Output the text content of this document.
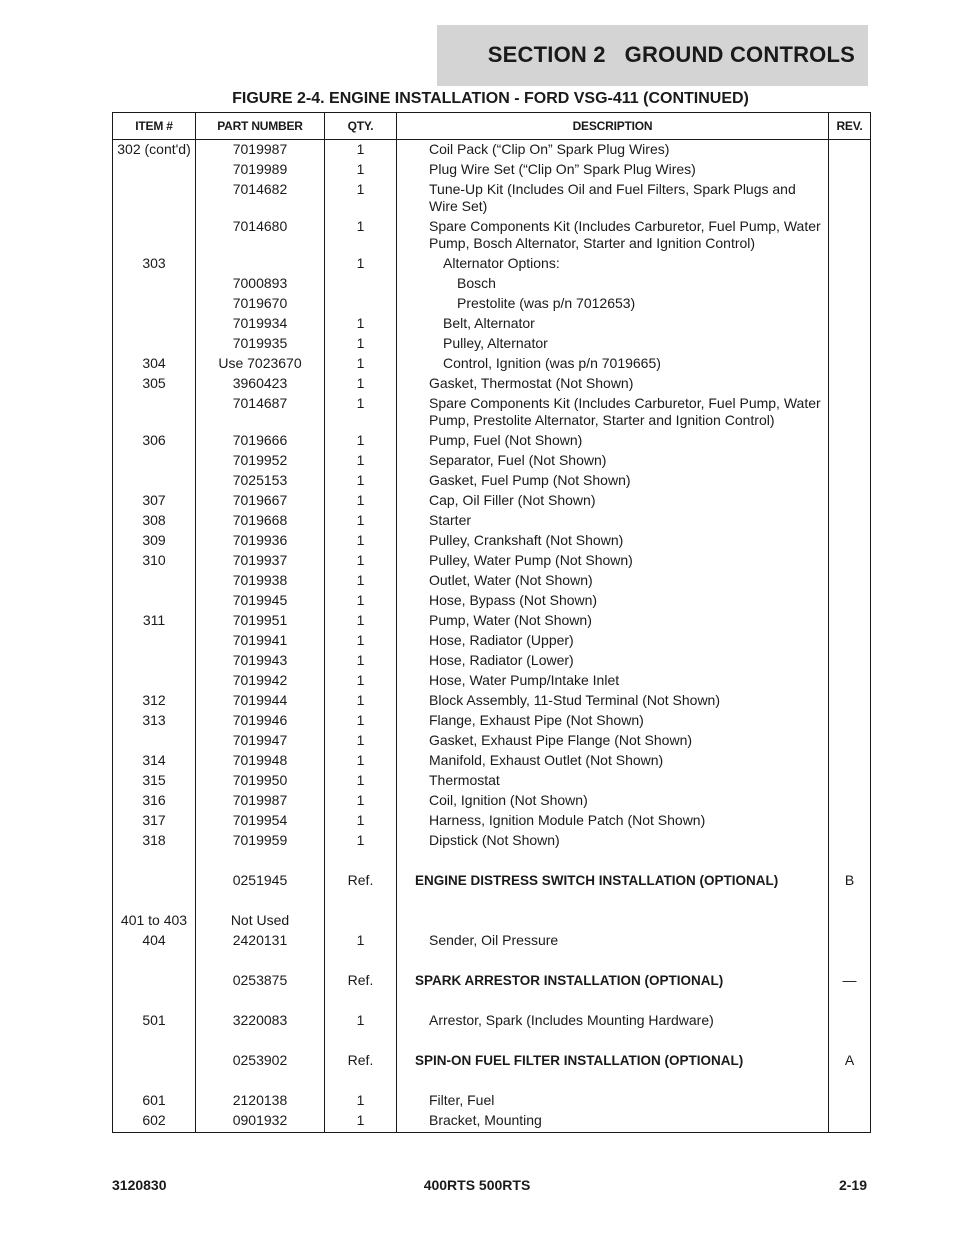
SECTION 2   GROUND CONTROLS
FIGURE 2-4. ENGINE INSTALLATION - FORD VSG-411 (CONTINUED)
ITEM #	PART NUMBER	QTY.	DESCRIPTION	REV.
302 (cont'd)	7019987	1	Coil Pack (“Clip On” Spark Plug Wires)	
	7019989	1	Plug Wire Set (“Clip On” Spark Plug Wires)	
	7014682	1	Tune-Up Kit (Includes Oil and Fuel Filters, Spark Plugs and Wire Set)	
	7014680	1	Spare Components Kit (Includes Carburetor, Fuel Pump, Water Pump, Bosch Alternator, Starter and Ignition Control)	
303		1	Alternator Options:	
	7000893		Bosch	
	7019670		Prestolite (was p/n 7012653)	
	7019934	1	Belt, Alternator	
	7019935	1	Pulley, Alternator	
304	Use 7023670	1	Control, Ignition (was p/n 7019665)	
305	3960423	1	Gasket, Thermostat (Not Shown)	
	7014687	1	Spare Components Kit (Includes Carburetor, Fuel Pump, Water Pump, Prestolite Alternator, Starter and Ignition Control)	
306	7019666	1	Pump, Fuel (Not Shown)	
	7019952	1	Separator, Fuel (Not Shown)	
	7025153	1	Gasket, Fuel Pump (Not Shown)	
307	7019667	1	Cap, Oil Filler (Not Shown)	
308	7019668	1	Starter	
309	7019936	1	Pulley, Crankshaft (Not Shown)	
310	7019937	1	Pulley, Water Pump (Not Shown)	
	7019938	1	Outlet, Water (Not Shown)	
	7019945	1	Hose, Bypass (Not Shown)	
311	7019951	1	Pump, Water (Not Shown)	
	7019941	1	Hose, Radiator (Upper)	
	7019943	1	Hose, Radiator (Lower)	
	7019942	1	Hose, Water Pump/Intake Inlet	
312	7019944	1	Block Assembly, 11-Stud Terminal (Not Shown)	
313	7019946	1	Flange, Exhaust Pipe (Not Shown)	
	7019947	1	Gasket, Exhaust Pipe Flange (Not Shown)	
314	7019948	1	Manifold, Exhaust Outlet (Not Shown)	
315	7019950	1	Thermostat	
316	7019987	1	Coil, Ignition (Not Shown)	
317	7019954	1	Harness, Ignition Module Patch (Not Shown)	
318	7019959	1	Dipstick (Not Shown)	

	0251945	Ref.	ENGINE DISTRESS SWITCH INSTALLATION (OPTIONAL)	B

401 to 403	Not Used			
404	2420131	1	Sender, Oil Pressure	

	0253875	Ref.	SPARK ARRESTOR INSTALLATION (OPTIONAL)	—

501	3220083	1	Arrestor, Spark (Includes Mounting Hardware)	

	0253902	Ref.	SPIN-ON FUEL FILTER INSTALLATION (OPTIONAL)	A

601	2120138	1	Filter, Fuel	
602	0901932	1	Bracket, Mounting	
3120830	400RTS 500RTS	2-19
